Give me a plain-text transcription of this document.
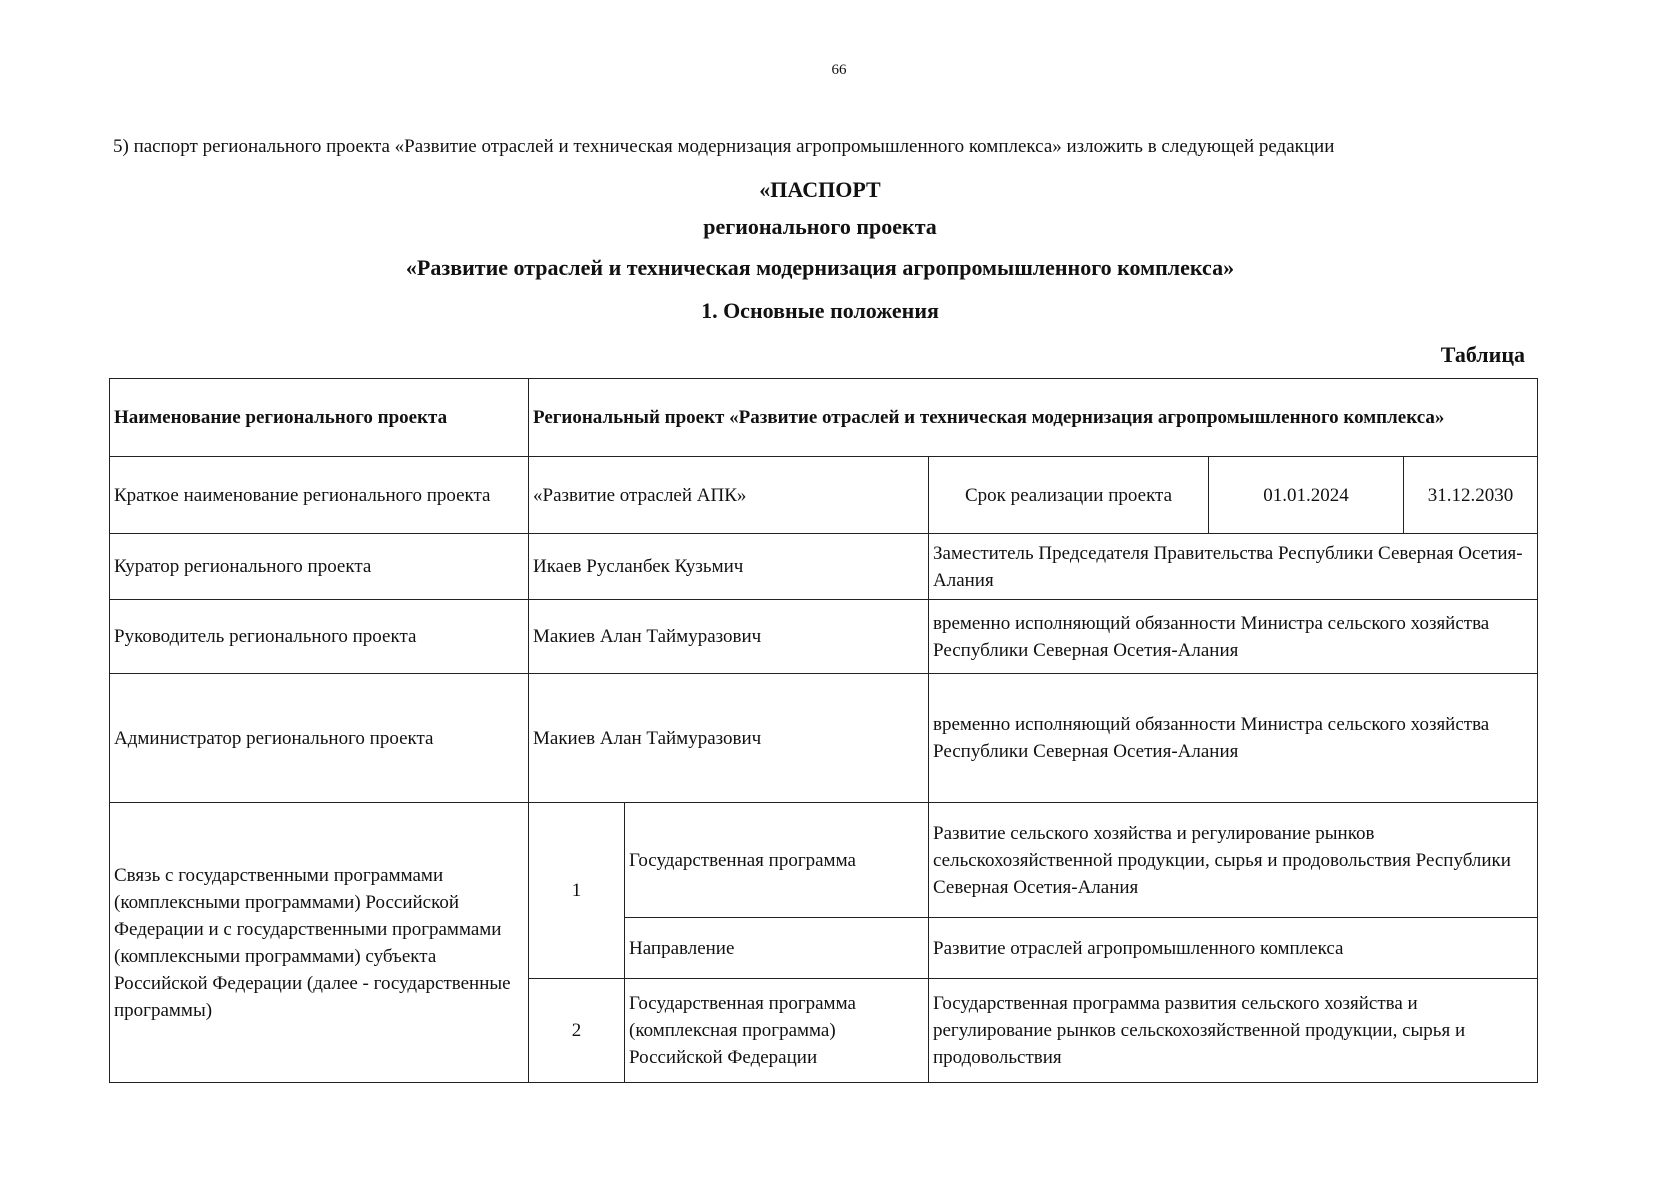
66
5) паспорт регионального проекта «Развитие отраслей и техническая модернизация агропромышленного комплекса» изложить в следующей редакции
«ПАСПОРТ
регионального проекта
«Развитие отраслей и техническая модернизация агропромышленного комплекса»
1. Основные положения
Таблица
Наименование регионального проекта	Региональный проект «Развитие отраслей и техническая модернизация агропромышленного комплекса»				
Краткое наименование регионального проекта	«Развитие отраслей АПК»		Срок реализации проекта	01.01.2024	31.12.2030
Куратор регионального проекта	Икаев Русланбек Кузьмич		Заместитель Председателя Правительства Республики Северная Осетия-Алания		
Руководитель регионального проекта	Макиев Алан Таймуразович		временно исполняющий обязанности Министра сельского хозяйства Республики Северная Осетия-Алания		
Администратор регионального проекта	Макиев Алан Таймуразович		временно исполняющий обязанности Министра сельского хозяйства Республики Северная Осетия-Алания		
Связь с государственными программами (комплексными программами) Российской Федерации и с государственными программами (комплексными программами) субъекта Российской Федерации (далее - государственные программы)	1	Государственная программа	Развитие сельского хозяйства и регулирование рынков сельскохозяйственной продукции, сырья и продовольствия Республики Северная Осетия-Алания		
		Направление	Развитие отраслей агропромышленного комплекса		
	2	Государственная программа (комплексная программа) Российской Федерации	Государственная программа развития сельского хозяйства и регулирование рынков сельскохозяйственной продукции, сырья и продовольствия		
